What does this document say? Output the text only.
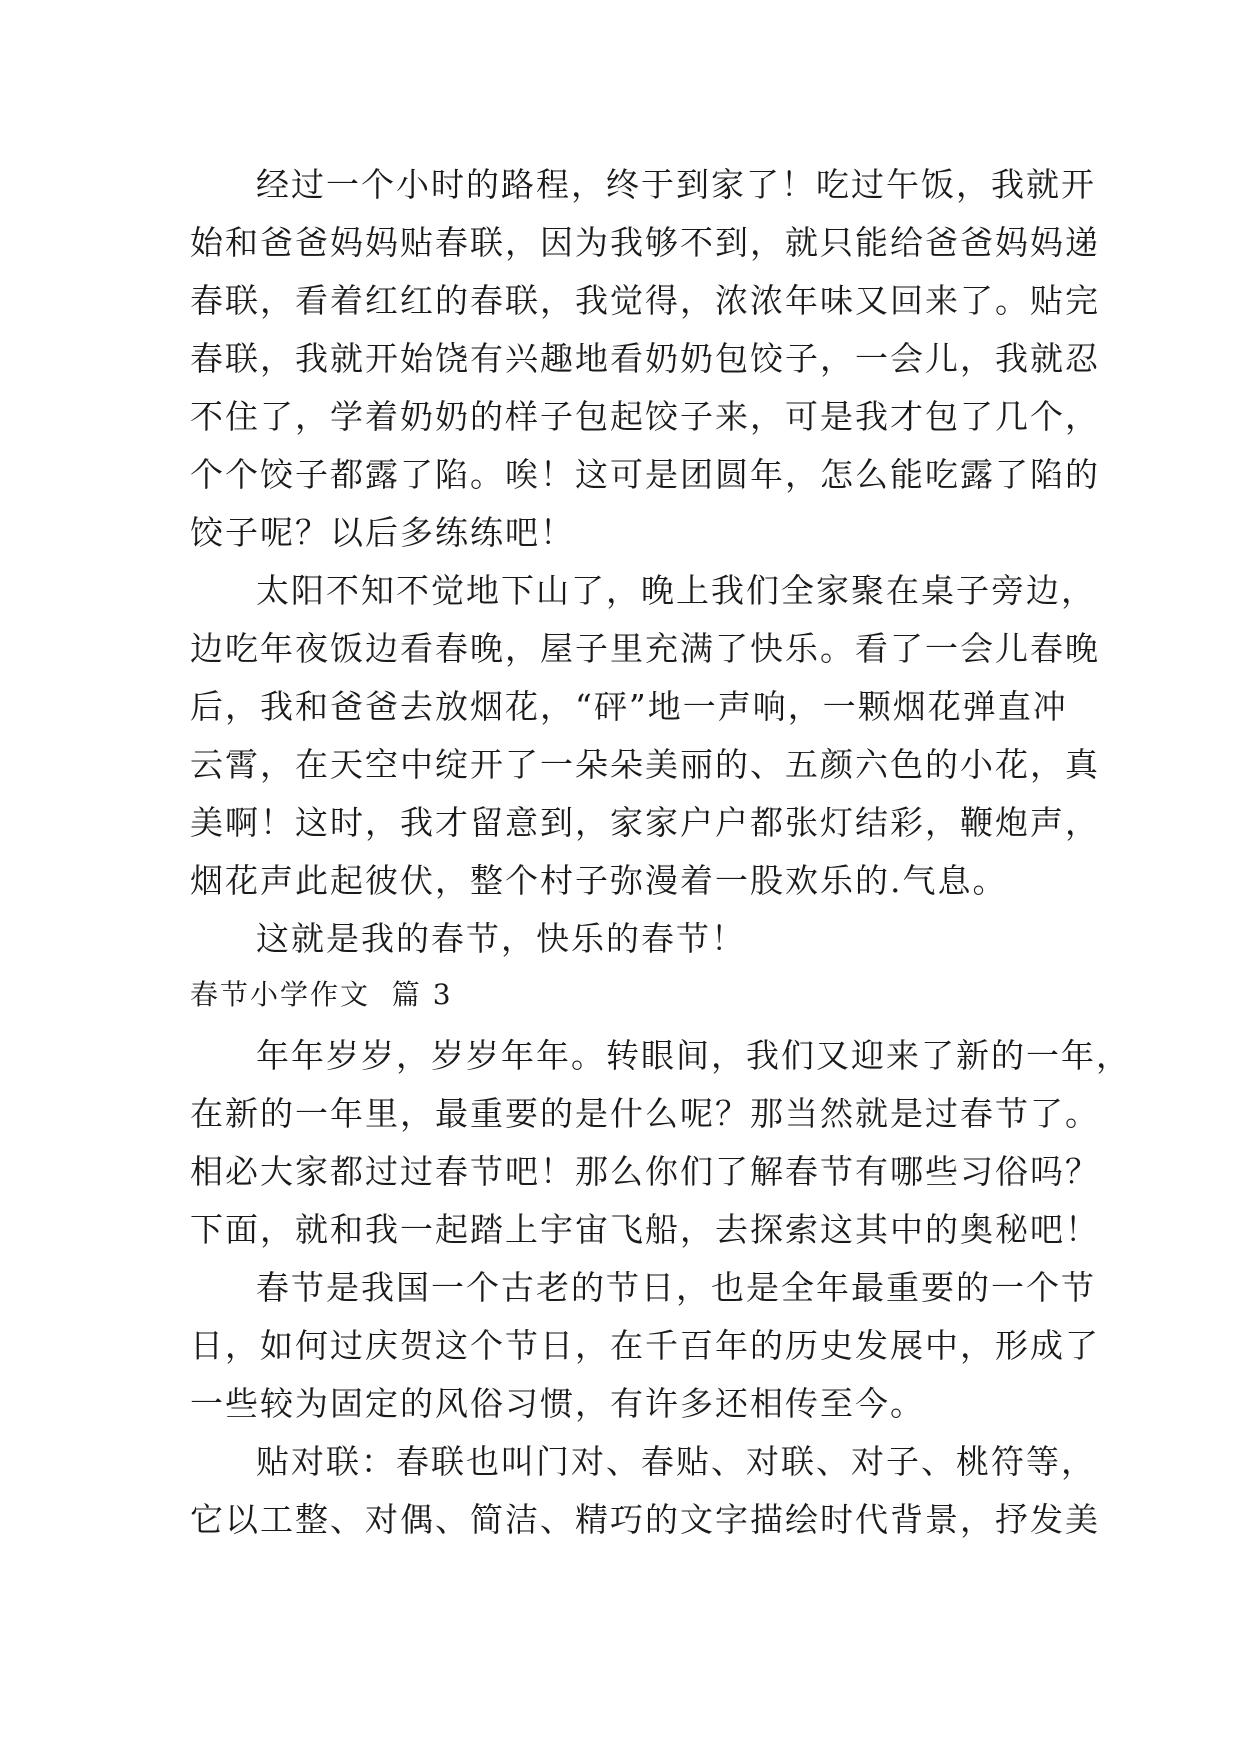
经过一个小时的路程，终于到家了！吃过午饭，我就开
始和爸爸妈妈贴春联，因为我够不到，就只能给爸爸妈妈递
春联，看着红红的春联，我觉得，浓浓年味又回来了。贴完
春联，我就开始饶有兴趣地看奶奶包饺子，一会儿，我就忍
不住了，学着奶奶的样子包起饺子来，可是我才包了几个，
个个饺子都露了陷。唉！这可是团圆年，怎么能吃露了陷的
饺子呢？以后多练练吧！
太阳不知不觉地下山了，晚上我们全家聚在桌子旁边，
边吃年夜饭边看春晚，屋子里充满了快乐。看了一会儿春晚
后，我和爸爸去放烟花，“砰”地一声响，一颗烟花弹直冲
云霄，在天空中绽开了一朵朵美丽的、五颜六色的小花，真
美啊！这时，我才留意到，家家户户都张灯结彩，鞭炮声，
烟花声此起彼伏，整个村子弥漫着一股欢乐的.气息。
这就是我的春节，快乐的春节！
春节小学作文  篇 3
年年岁岁，岁岁年年。转眼间，我们又迎来了新的一年，
在新的一年里，最重要的是什么呢？那当然就是过春节了。
相必大家都过过春节吧！那么你们了解春节有哪些习俗吗？
下面，就和我一起踏上宇宙飞船，去探索这其中的奥秘吧！
春节是我国一个古老的节日，也是全年最重要的一个节
日，如何过庆贺这个节日，在千百年的历史发展中，形成了
一些较为固定的风俗习惯，有许多还相传至今。
贴对联：春联也叫门对、春贴、对联、对子、桃符等，
它以工整、对偶、简洁、精巧的文字描绘时代背景，抒发美
